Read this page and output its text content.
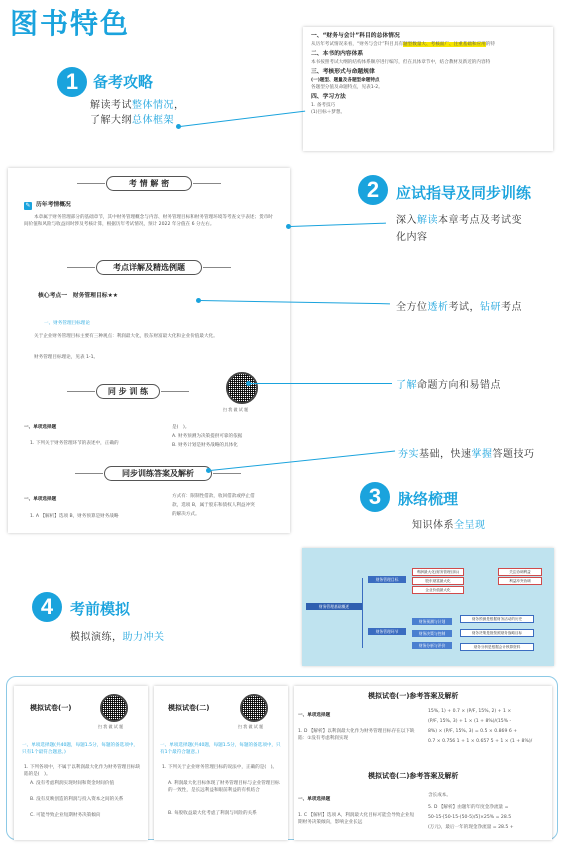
图书特色
1 备考攻略
解读考试整体情况，
了解大纲总体框架
一、“财务与会计”科目的总体情况
从历年考试情况来看，“财务与会计”科目具有题型数量大、考核面广、注重基础和应用的特
二、本书的内容体系
本书按照考试大纲的结构体系顺序进行编写，但在具体章节中，结合教材及新近的内容特
三、考核形式与命题规律
(一)题型、题量及各题型命题特点
各题型分值及命题特点，见表1-2。
四、学习方法
1. 备考技巧
(1)目标＋梦想。
2	应试指导及同步训练
考 情 解 密
✎ 历年考情概况
本章属于财务管理部分的基础章节，其中财务管理概念与内容、财务管理目标和财务管理环境等考查文字表述；货币时间价值和风险与收益同时涉及考核计算，根据历年考试情况，预计 2022 年分值在 6 分左右。
考点详解及精选例题
核心考点一　财务管理目标★★
一、财务管理目标理论
关于企业财务管理目标主要有三种观点：利润最大化，股东财富最大化和企业价值最大化。
财务管理目标理论，见表 1-1。
同 步 训 练
扫 我 做 试 题
一、单项选择题
1. 下列关于财务管理环节的表述中，正确的
是(　)。
A. 财务预测为决策提供可靠的依据
B. 财务计划是财务战略的具体化
同步训练答案及解析
一、单项选择题
1. A 【解析】选项 B，财务预算是财务战略
方式有：限制性借款，收回借款或停止借
款，选项 B，属于股东和债权人利益冲突
的解决方式。
深入解读本章考点及考试变
化内容
全方位透析考试，钻研考点
了解命题方向和易错点
夯实基础，快速掌握答题技巧
3	脉络梳理
知识体系全呈现
财务管理基础概述
财务管理目标
利润最大化(财务管理目标)
股东财富最大化
企业价值最大化
关注协调利益
利益冲突协调
财务管理环节
财务预测与计划
财务决策与控制
财务分析与评价
财务预测是根据财务活动的历史
财务决策是指按照财务战略目标
财务分析是根据会计核算资料
4	考前模拟
模拟演练，助力冲关
模拟试卷(一)
扫 我 做 试 题
一、单项选择题(共40题，每题1.5分，每题的备选项中，只有1个最符合题意。)
1. 下列各项中，不属于以利润最大化作为财务管理目标缺陷的是(　)。
A. 没有考虑利润实现时间和资金时间价值
B. 没有反映创造的利润与投入资本之间的关系
C. 可能导致企业短期财务决策倾向
模拟试卷(二)
扫 我 做 试 题
一、单项选择题(共40题，每题1.5分，每题的备选项中，只有1个最符合题意。)
1. 下列关于企业财务管理目标的说法中，正确的是(　)。
A. 利润最大化目标体现了财务管理目标与企业管理目标的一致性，是长远利益和眼前利益的有机结合
B. 每股收益最大化考虑了利润与风险的关系
模拟试卷(一)参考答案及解析
一、单项选择题
1. D 【解析】以利润最大化作为财务管理目标存在以下缺陷：①没有考虑利润实现
15%, 1) + 0.7 × (P/F, 15%, 2) + 1 ×
(P/F, 15%, 3) + 1 × (1 + 8%)/(15% -
8%) × (P/F, 15%, 3) = 0.5 × 0.869 6 +
0.7 × 0.756 1 + 1 × 0.657 5 + 1 × (1 + 8%)/
模拟试卷(二)参考答案及解析
一、单项选择题
1. C 【解析】选项 A，利润最大化目标可能会导致企业短期财务决策倾向，影响企业长远
含长成本。
5. D 【解析】由题年的年度金净流量 =
50-15-[50-15-(50-5)/5]×25% = 28.5
(万元)，最后一年的现金净流量 = 28.5 +
